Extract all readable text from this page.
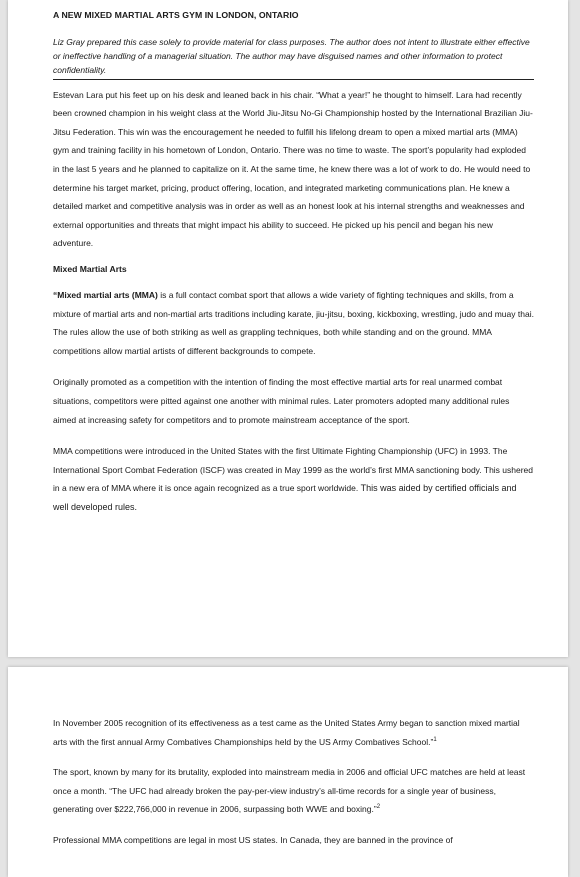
A NEW MIXED MARTIAL ARTS GYM IN LONDON, ONTARIO

Liz Gray prepared this case solely to provide material for class purposes. The author does not intent to illustrate either effective or ineffective handling of a managerial situation. The author may have disguised names and other information to protect confidentiality.

Estevan Lara put his feet up on his desk and leaned back in his chair. “What a year!” he thought to himself. Lara had recently been crowned champion in his weight class at the World Jiu-Jitsu No-Gi Championship hosted by the International Brazilian Jiu-Jitsu Federation. This win was the encouragement he needed to fulfill his lifelong dream to open a mixed martial arts (MMA) gym and training facility in his hometown of London, Ontario. There was no time to waste. The sport’s popularity had exploded in the last 5 years and he planned to capitalize on it. At the same time, he knew there was a lot of work to do. He would need to determine his target market, pricing, product offering, location, and integrated marketing communications plan. He knew a detailed market and competitive analysis was in order as well as an honest look at his internal strengths and weaknesses and external opportunities and threats that might impact his ability to succeed. He picked up his pencil and began his new adventure.

Mixed Martial Arts

“Mixed martial arts (MMA) is a full contact combat sport that allows a wide variety of fighting techniques and skills, from a mixture of martial arts and non-martial arts traditions including karate, jiu-jitsu, boxing, kickboxing, wrestling, judo and muay thai. The rules allow the use of both striking as well as grappling techniques, both while standing and on the ground. MMA competitions allow martial artists of different backgrounds to compete.

Originally promoted as a competition with the intention of finding the most effective martial arts for real unarmed combat situations, competitors were pitted against one another with minimal rules. Later promoters adopted many additional rules aimed at increasing safety for competitors and to promote mainstream acceptance of the sport.

MMA competitions were introduced in the United States with the first Ultimate Fighting Championship (UFC) in 1993. The International Sport Combat Federation (ISCF) was created in May 1999 as the world’s first MMA sanctioning body. This ushered in a new era of MMA where it is once again recognized as a true sport worldwide. This was aided by certified officials and well developed rules.

In November 2005 recognition of its effectiveness as a test came as the United States Army began to sanction mixed martial arts with the first annual Army Combatives Championships held by the US Army Combatives School.”$^1$

The sport, known by many for its brutality, exploded into mainstream media in 2006 and official UFC matches are held at least once a month. “The UFC had already broken the pay-per-view industry’s all-time records for a single year of business, generating over $222,766,000 in revenue in 2006, surpassing both WWE and boxing.”$^2$

Professional MMA competitions are legal in most US states. In Canada, they are banned in the province of
